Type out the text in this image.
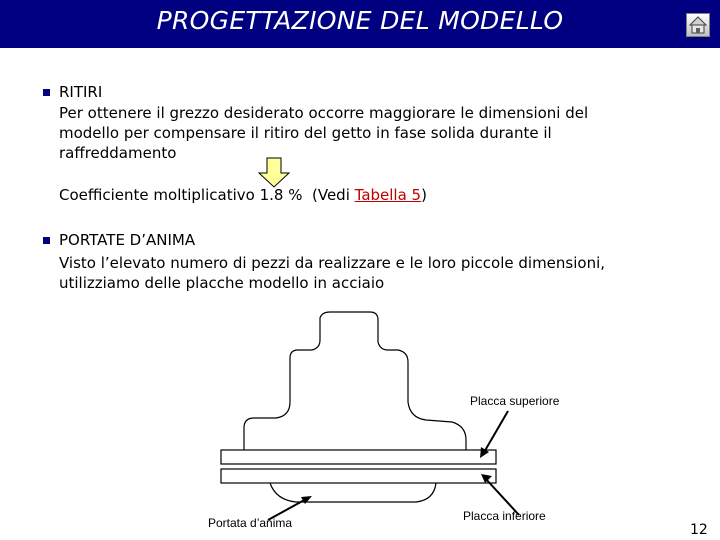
PROGETTAZIONE DEL MODELLO
RITIRI
Per ottenere il grezzo desiderato occorre maggiorare le dimensioni del
modello per compensare il ritiro del getto in fase solida durante il
raffreddamento
Coefficiente moltiplicativo 1.8 %  (Vedi Tabella 5)
PORTATE D’ANIMA
Visto l’elevato numero di pezzi da realizzare e le loro piccole dimensioni,
utilizziamo delle placche modello in acciaio
Placca superiore
Placca inferiore
Portata d’anima	12
